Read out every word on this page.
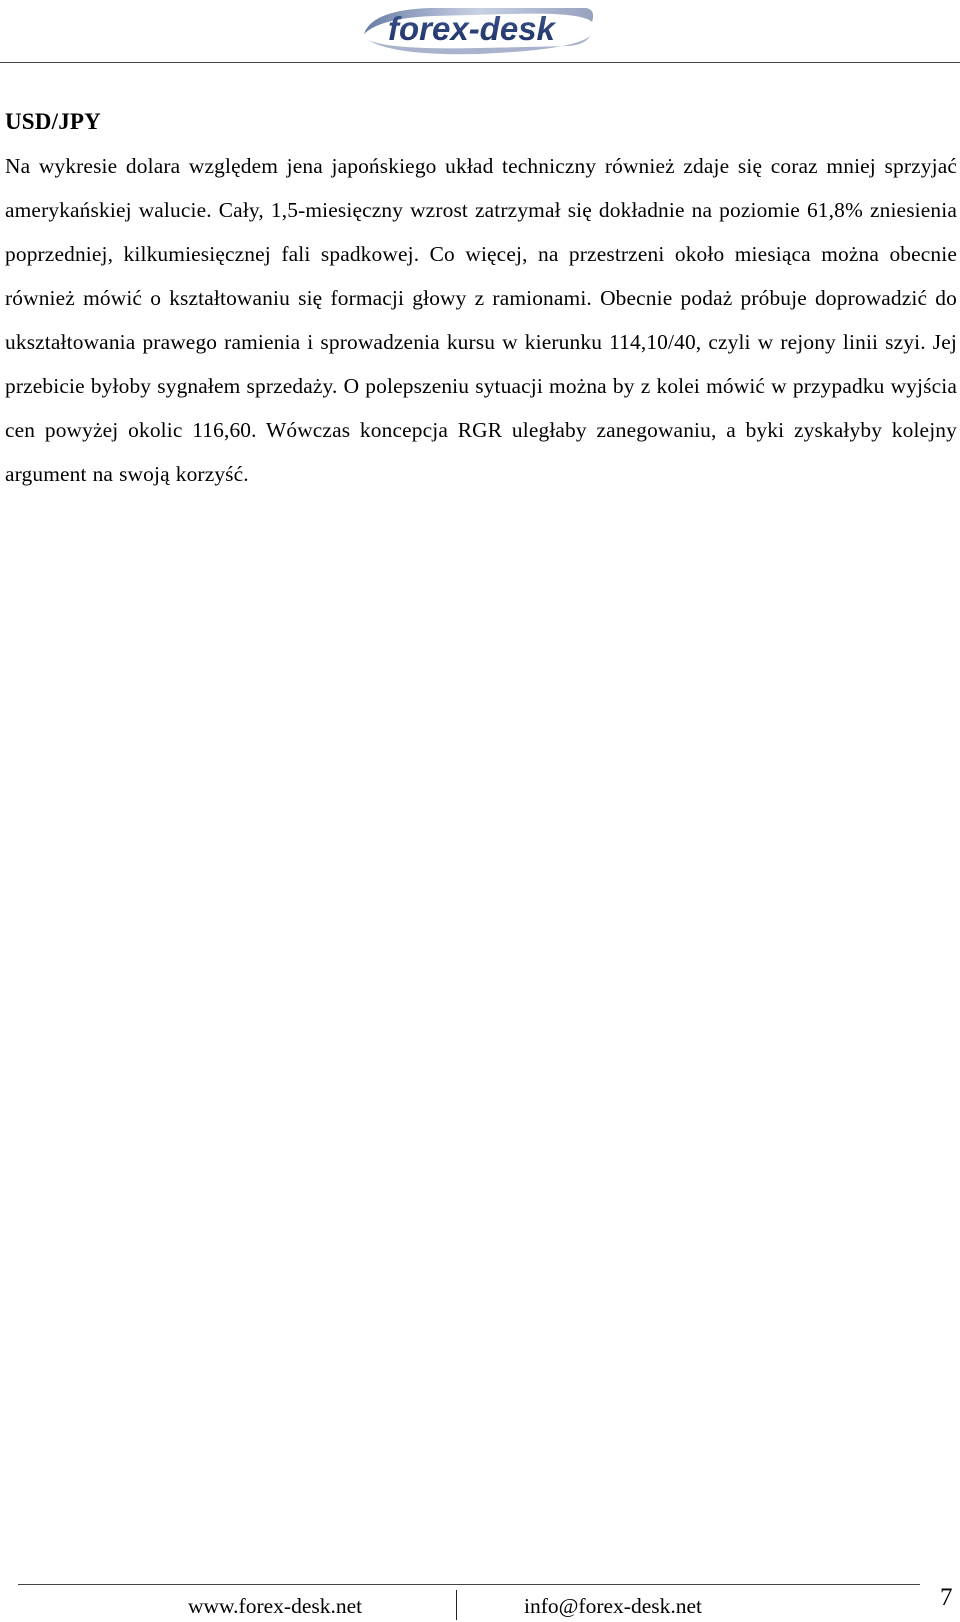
forex-desk
USD/JPY

Na wykresie dolara względem jena japońskiego układ techniczny również zdaje się coraz mniej sprzyjać amerykańskiej walucie. Cały, 1,5-miesięczny wzrost zatrzymał się dokładnie na poziomie 61,8% zniesienia poprzedniej, kilkumiesięcznej fali spadkowej. Co więcej, na przestrzeni około miesiąca można obecnie również mówić o kształtowaniu się formacji głowy z ramionami. Obecnie podaż próbuje doprowadzić do ukształtowania prawego ramienia i sprowadzenia kursu w kierunku 114,10/40, czyli w rejony linii szyi. Jej przebicie byłoby sygnałem sprzedaży. O polepszeniu sytuacji można by z kolei mówić w przypadku wyjścia cen powyżej okolic 116,60. Wówczas koncepcja RGR uległaby zanegowaniu, a byki zyskałyby kolejny argument na swoją korzyść.

www.forex-desk.net	info@forex-desk.net	7
